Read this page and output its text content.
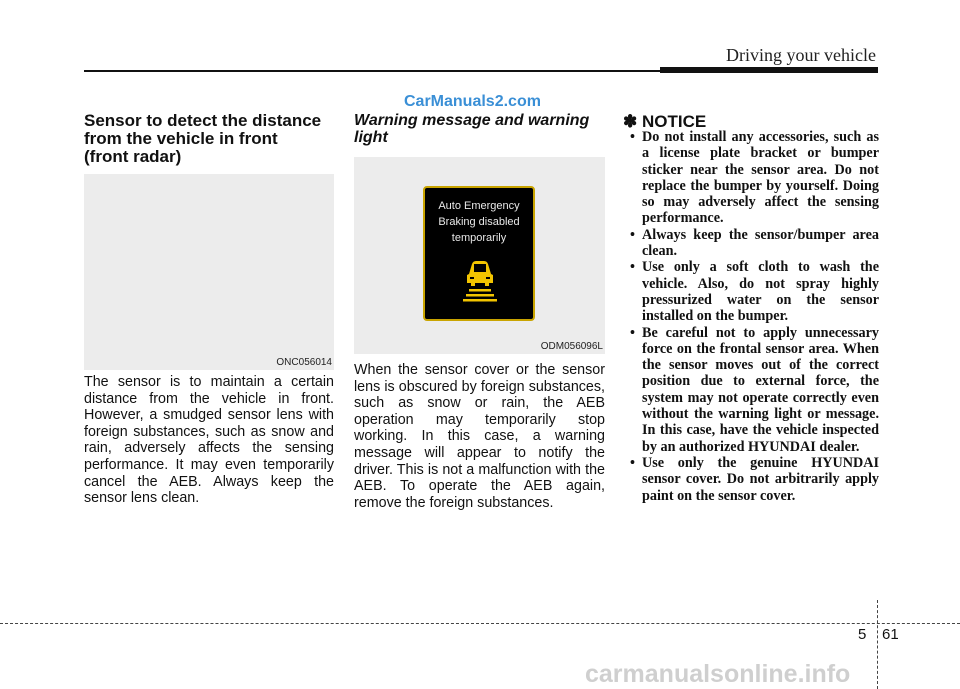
Driving your vehicle
CarManuals2.com

Sensor to detect the distance

from the vehicle in front

(front radar)

ONC056014

The sensor is to maintain a certain distance from the vehicle in front. However, a smudged sensor lens with foreign substances, such as snow and rain, adversely affects the sensing performance. It may even temporarily cancel the AEB. Always keep the sensor lens clean.

Warning message and warning

light

Auto Emergency
Braking disabled
temporarily
ODM056096L

When the sensor cover or the sensor lens is obscured by foreign substances, such as snow or rain, the AEB operation may temporarily stop working. In this case, a warning message will appear to notify the driver. This is not a malfunction with the AEB. To operate the AEB again, remove the foreign substances.

✽ NOTICE
• Do not install any accessories, such as a license plate bracket or bumper sticker near the sensor area. Do not replace the bumper by yourself. Doing so may adversely affect the sensing performance.
• Always keep the sensor/bumper area clean.
• Use only a soft cloth to wash the vehicle. Also, do not spray highly pressurized water on the sensor installed on the bumper.
• Be careful not to apply unnecessary force on the frontal sensor area. When the sensor moves out of the correct position due to external force, the system may not operate correctly even without the warning light or message. In this case, have the vehicle inspected by an authorized HYUNDAI dealer.
• Use only the genuine HYUNDAI sensor cover. Do not arbitrarily apply paint on the sensor cover.
5 61
carmanualsonline.info
